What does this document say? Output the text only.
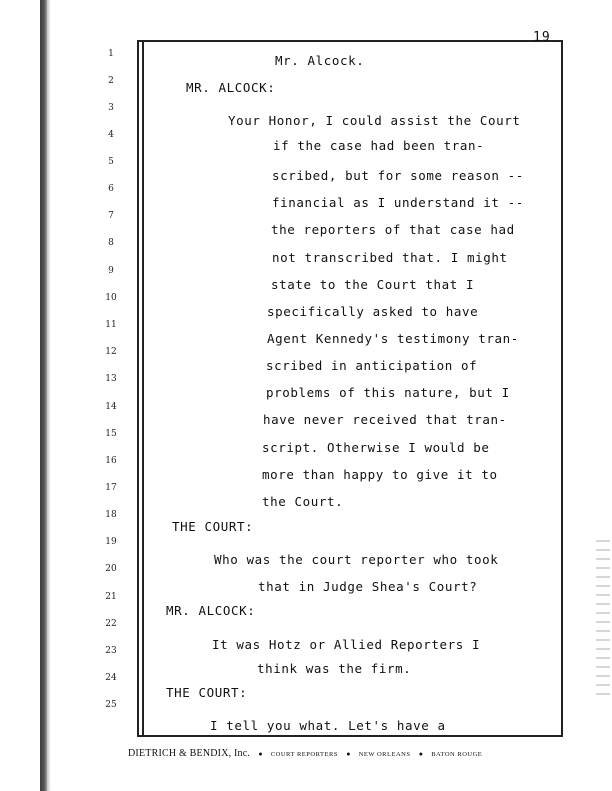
19
1
2
3
4
5
6
7
8
9
10
11
12
13
14
15
16
17
18
19
20
21
22
23
24
25
Mr. Alcock.
MR. ALCOCK:
Your Honor, I could assist the Court
if the case had been tran-
scribed, but for some reason --
financial as I understand it --
the reporters of that case had
not transcribed that. I might
state to the Court that I
specifically asked to have
Agent Kennedy's testimony tran-
scribed in anticipation of
problems of this nature, but I
have never received that tran-
script. Otherwise I would be
more than happy to give it to
the Court.
THE COURT:
Who was the court reporter who took
that in Judge Shea's Court?
MR. ALCOCK:
It was Hotz or Allied Reporters I
think was the firm.
THE COURT:
I tell you what. Let's have a
DIETRICH & BENDIX, Inc. ● COURT REPORTERS ● NEW ORLEANS ● BATON ROUGE
